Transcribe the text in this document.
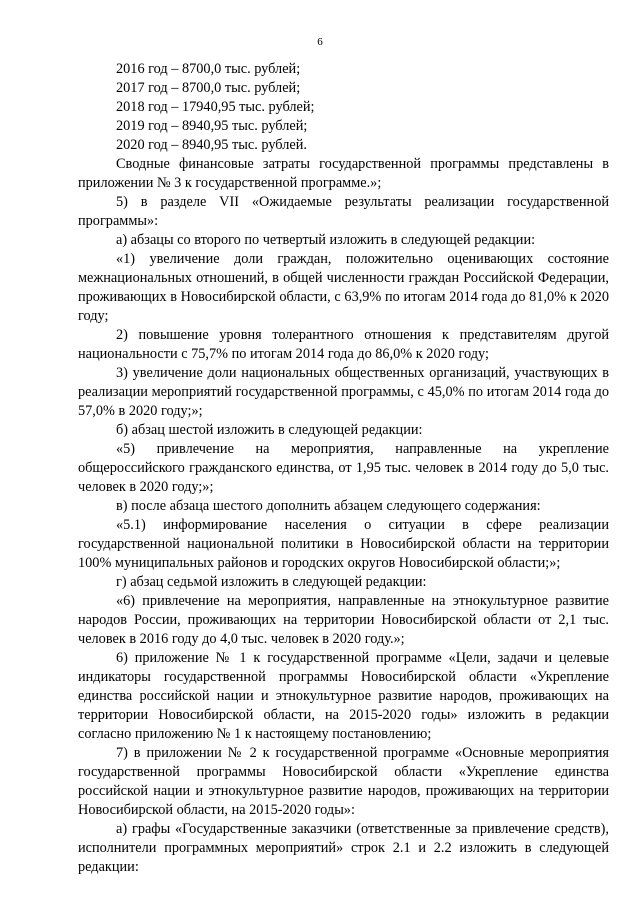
6

2016 год – 8700,0 тыс. рублей;

2017 год – 8700,0 тыс. рублей;

2018 год – 17940,95 тыс. рублей;

2019 год – 8940,95 тыс. рублей;

2020 год – 8940,95 тыс. рублей.

Сводные финансовые затраты государственной программы представлены в приложении № 3 к государственной программе.»;

5) в разделе VII «Ожидаемые результаты реализации государственной программы»:

а) абзацы со второго по четвертый изложить в следующей редакции:

«1) увеличение доли граждан, положительно оценивающих состояние межнациональных отношений, в общей численности граждан Российской Федерации, проживающих в Новосибирской области, с 63,9% по итогам 2014 года до 81,0% к 2020 году;

2) повышение уровня толерантного отношения к представителям другой национальности с 75,7% по итогам 2014 года до 86,0% к 2020 году;

3) увеличение доли национальных общественных организаций, участвующих в реализации мероприятий государственной программы, с 45,0% по итогам 2014 года до 57,0% в 2020 году;»;

б) абзац шестой изложить в следующей редакции:

«5) привлечение на мероприятия, направленные на укрепление общероссийского гражданского единства, от 1,95 тыс. человек в 2014 году до 5,0 тыс. человек в 2020 году;»;

в) после абзаца шестого дополнить абзацем следующего содержания:

«5.1) информирование населения о ситуации в сфере реализации государственной национальной политики в Новосибирской области на территории 100% муниципальных районов и городских округов Новосибирской области;»;

г) абзац седьмой изложить в следующей редакции:

«6) привлечение на мероприятия, направленные на этнокультурное развитие народов России, проживающих на территории Новосибирской области от 2,1 тыс. человек в 2016 году до 4,0 тыс. человек в 2020 году.»;

6) приложение № 1 к государственной программе «Цели, задачи и целевые индикаторы государственной программы Новосибирской области «Укрепление единства российской нации и этнокультурное развитие народов, проживающих на территории Новосибирской области, на 2015-2020 годы» изложить в редакции согласно приложению № 1 к настоящему постановлению;

7) в приложении № 2 к государственной программе «Основные мероприятия государственной программы Новосибирской области «Укрепление единства российской нации и этнокультурное развитие народов, проживающих на территории Новосибирской области, на 2015-2020 годы»:

а) графы «Государственные заказчики (ответственные за привлечение средств), исполнители программных мероприятий» строк 2.1 и 2.2 изложить в следующей редакции:
